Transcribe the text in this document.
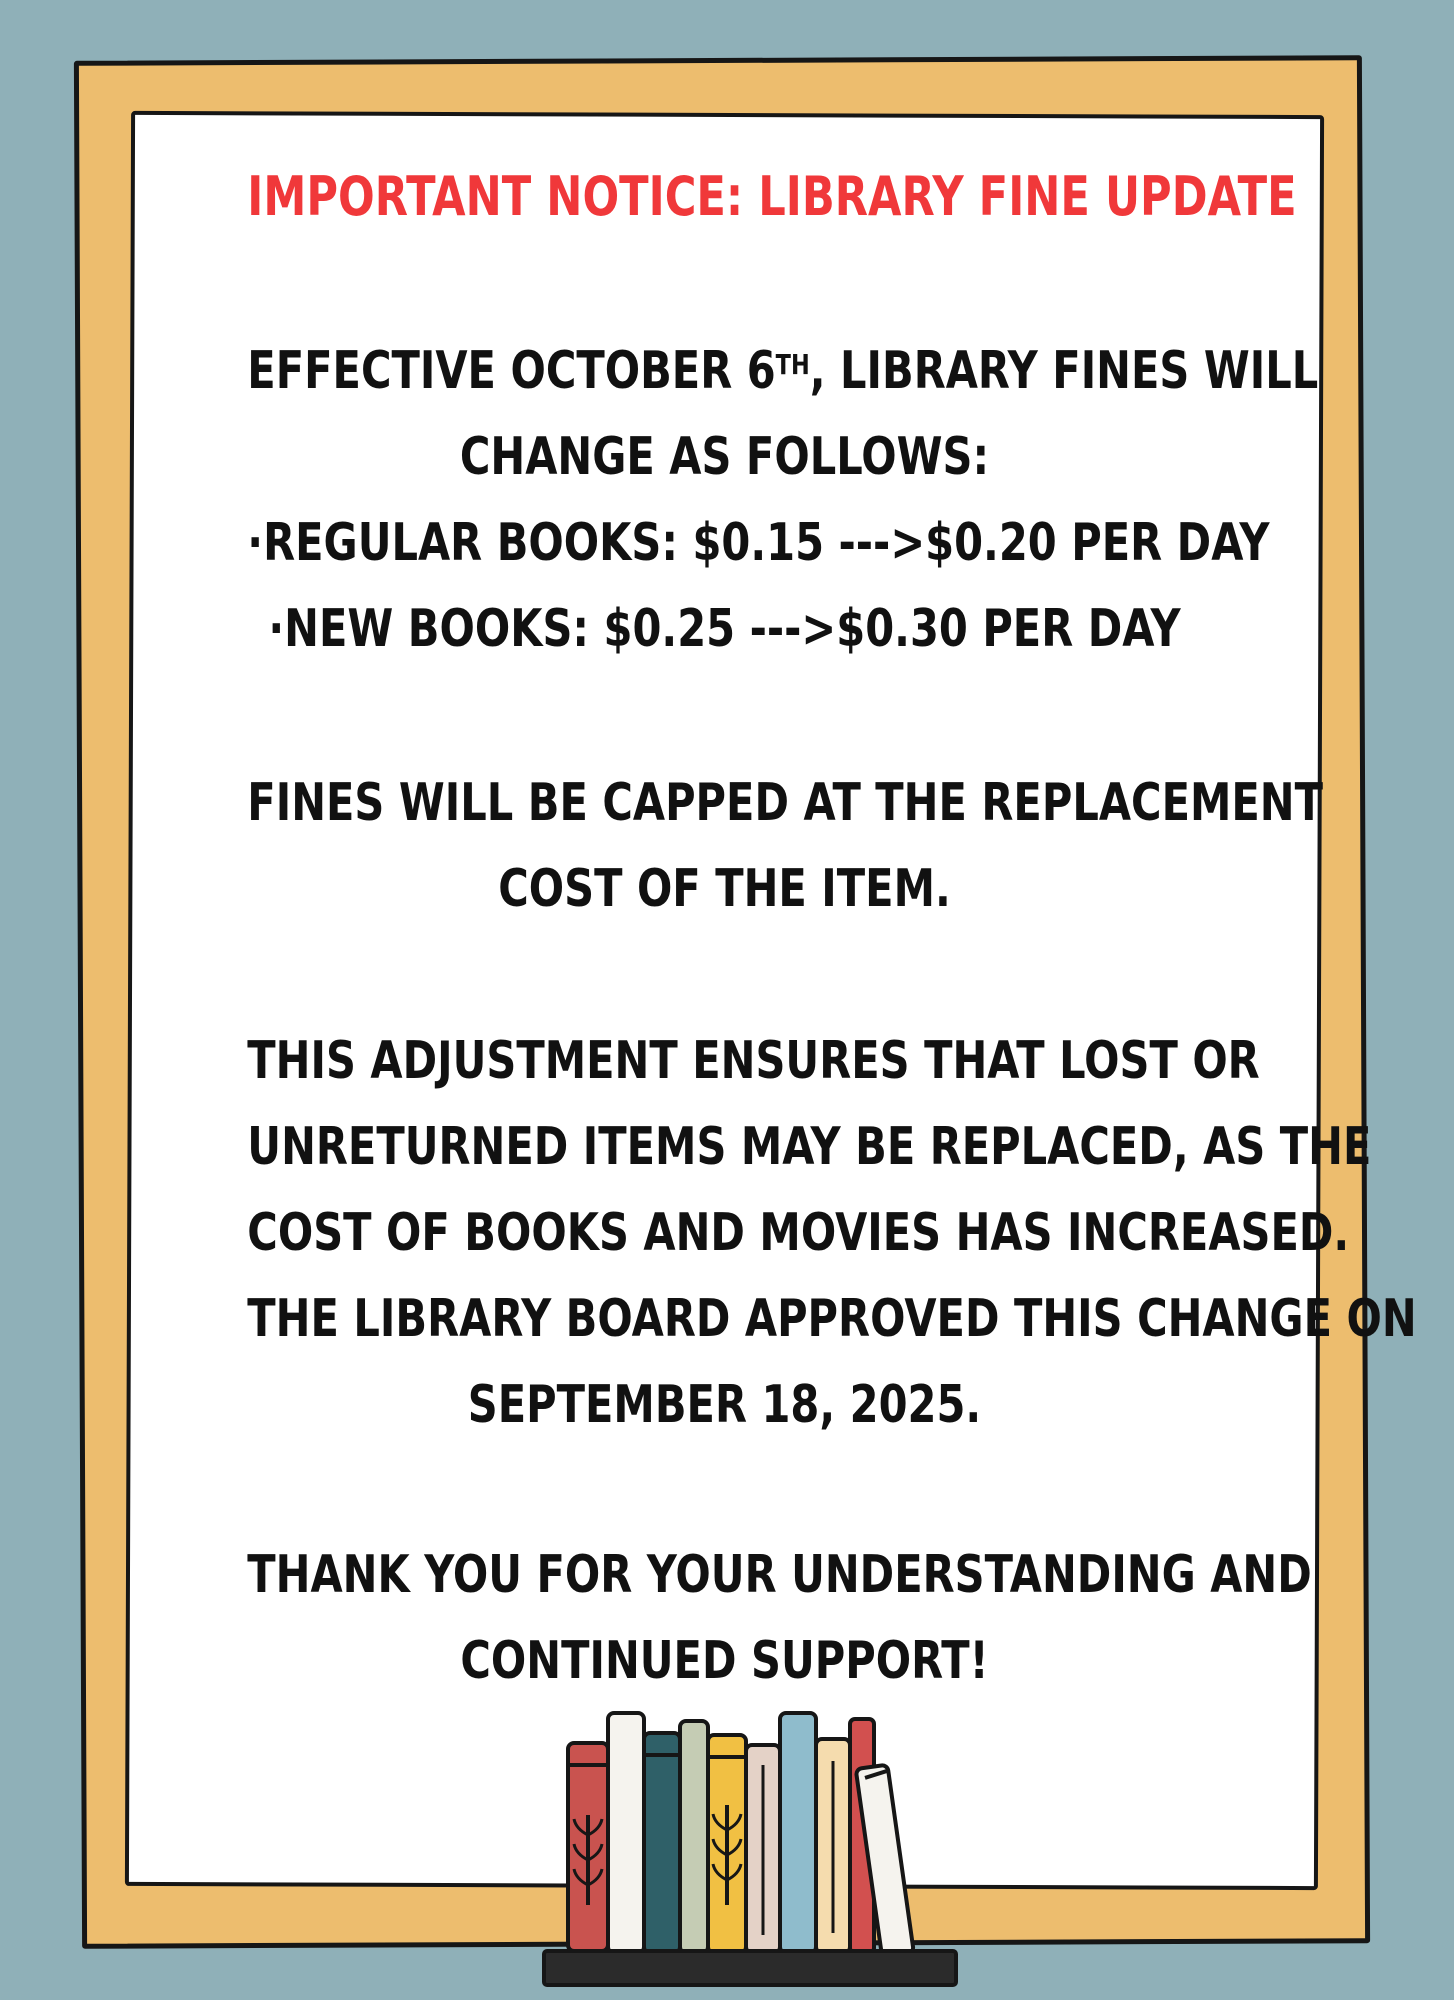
IMPORTANT NOTICE: LIBRARY FINE UPDATE

EFFECTIVE OCTOBER 6TH, LIBRARY FINES WILL

CHANGE AS FOLLOWS:

·REGULAR BOOKS: $0.15 --->$0.20 PER DAY

·NEW BOOKS: $0.25 --->$0.30 PER DAY

FINES WILL BE CAPPED AT THE REPLACEMENT

COST OF THE ITEM.

THIS ADJUSTMENT ENSURES THAT LOST OR

UNRETURNED ITEMS MAY BE REPLACED, AS THE

COST OF BOOKS AND MOVIES HAS INCREASED.

THE LIBRARY BOARD APPROVED THIS CHANGE ON

SEPTEMBER 18, 2025.

THANK YOU FOR YOUR UNDERSTANDING AND

CONTINUED SUPPORT!
